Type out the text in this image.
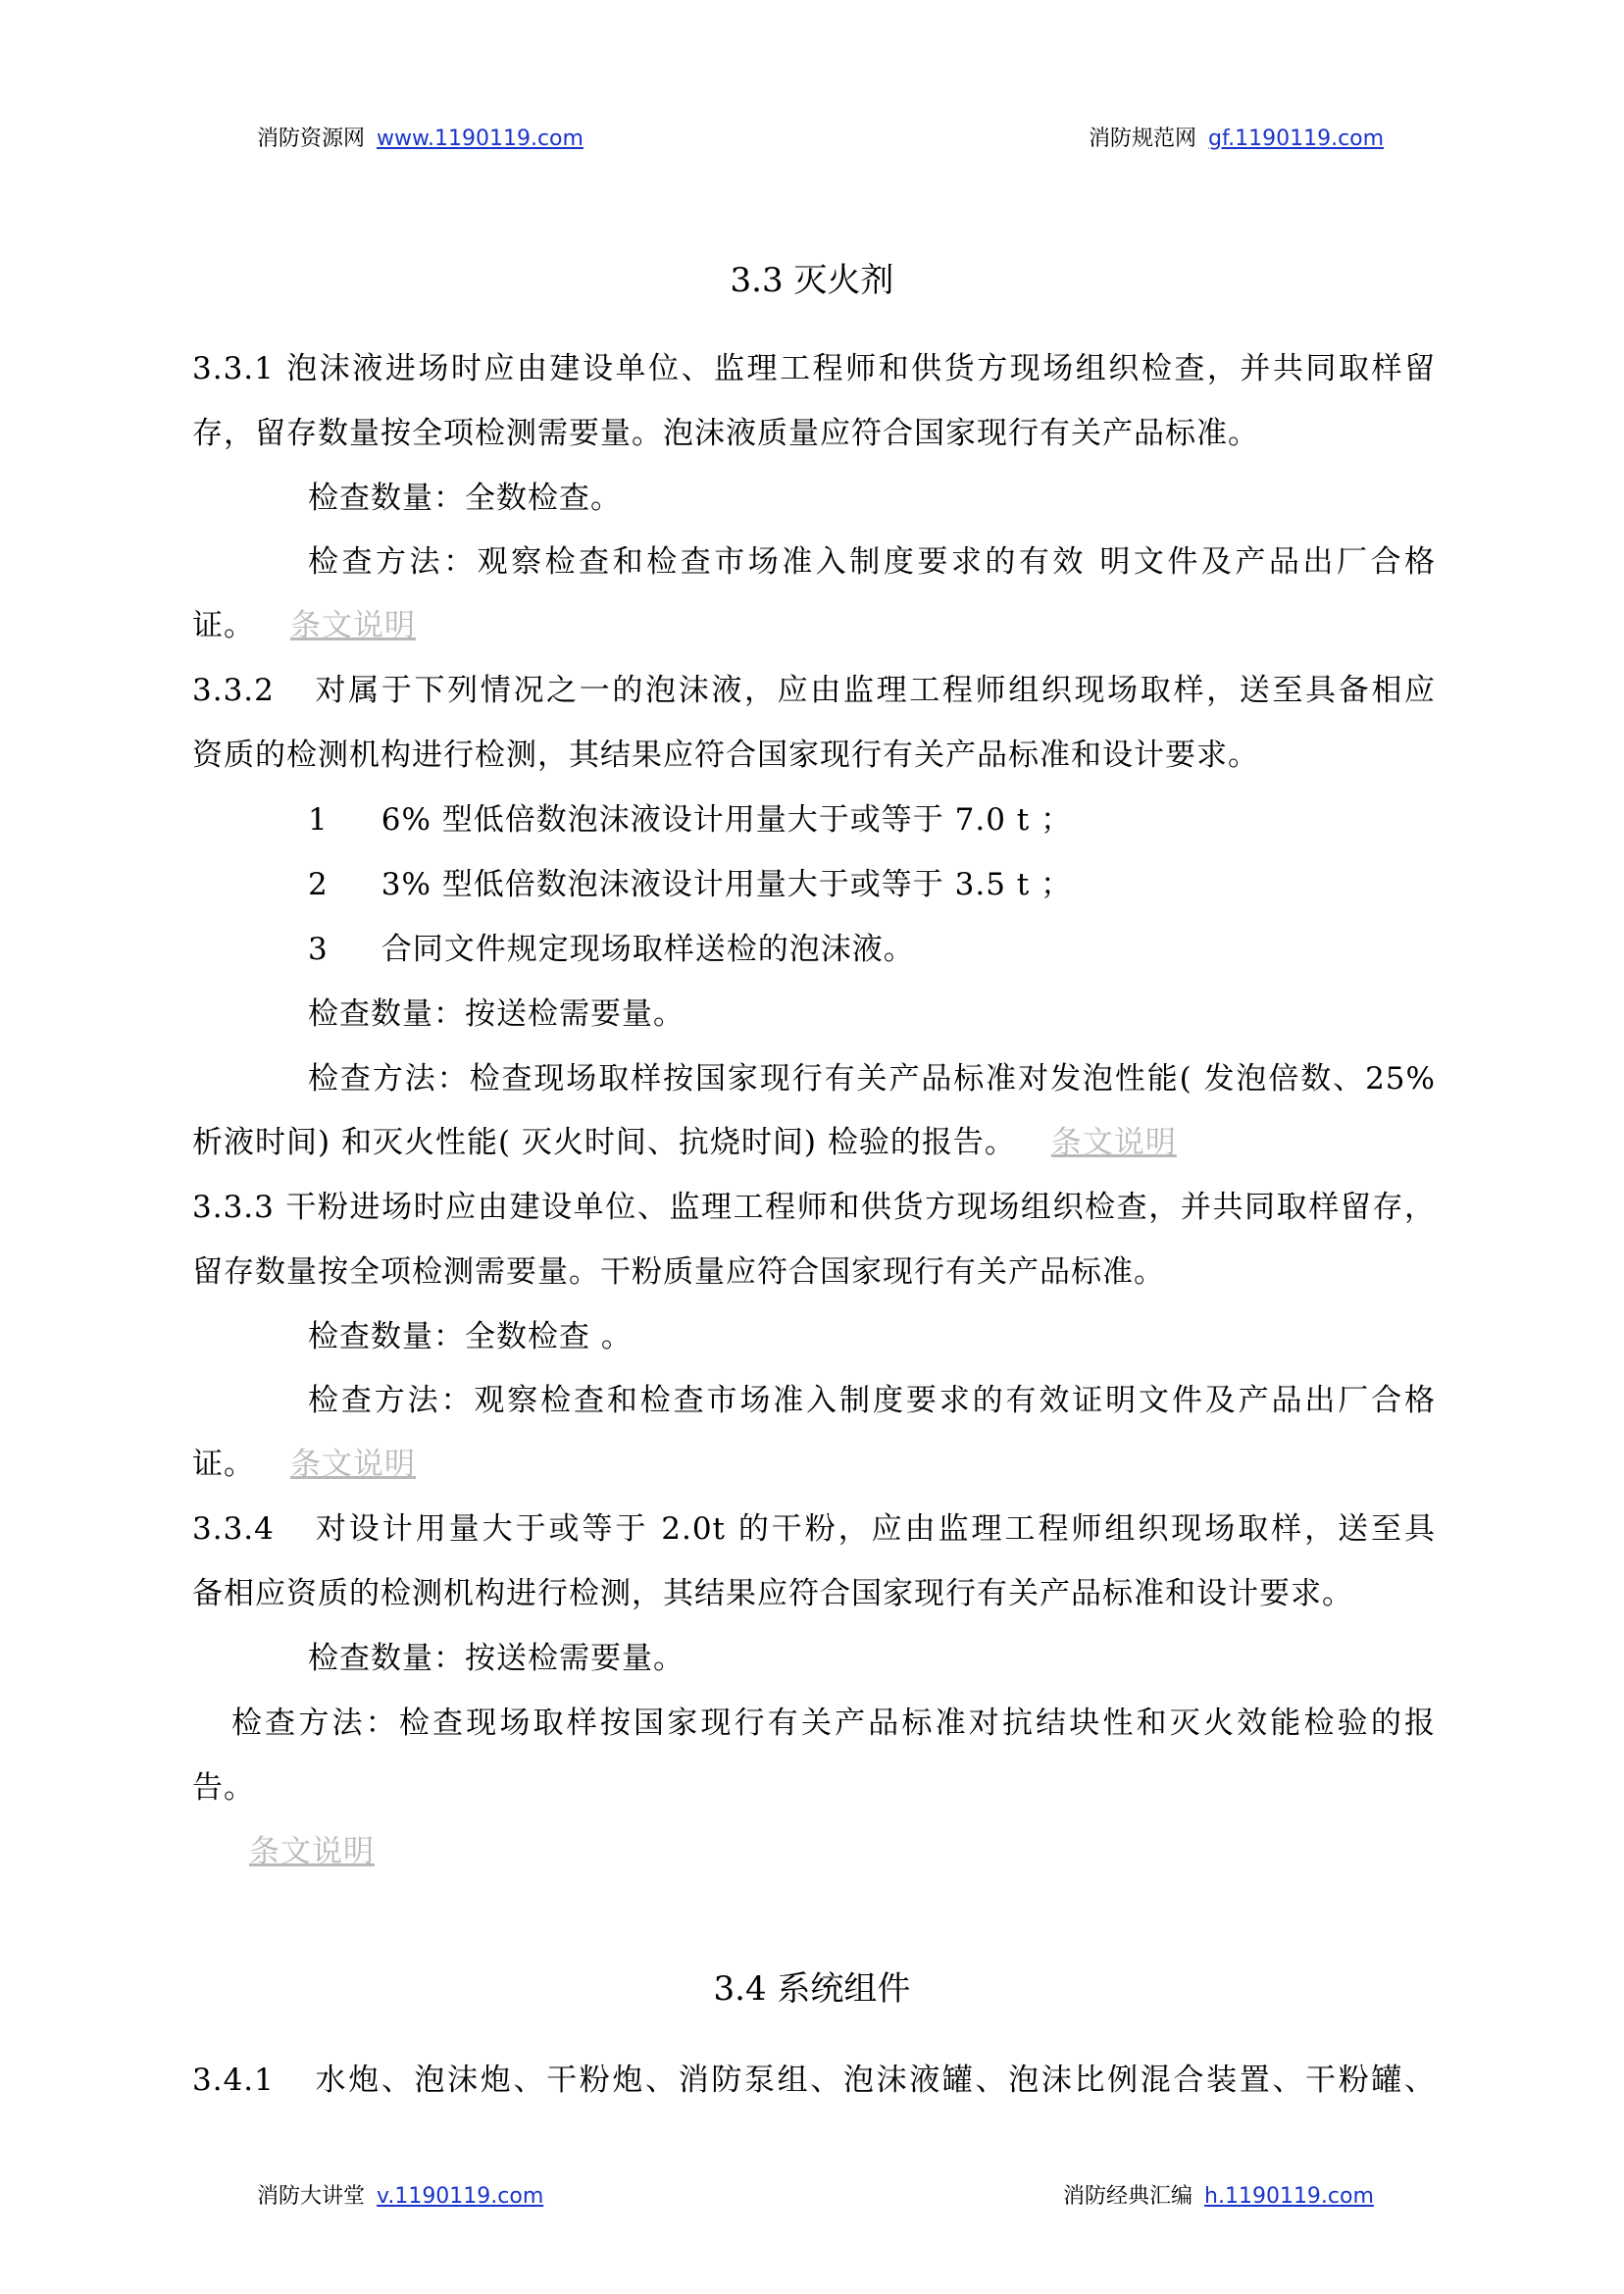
消防资源网 www.1190119.com	消防规范网 gf.1190119.com
3.3 灭火剂
3.3.1 泡沫液进场时应由建设单位、监理工程师和供货方现场组织检查，并共同取样留
存，留存数量按全项检测需要量。泡沫液质量应符合国家现行有关产品标准。
检查数量：全数检查。
检查方法：观察检查和检查市场准入制度要求的有效 明文件及产品出厂合格
证。 条文说明
3.3.2 对属于下列情况之一的泡沫液，应由监理工程师组织现场取样，送至具备相应
资质的检测机构进行检测，其结果应符合国家现行有关产品标准和设计要求。
1 6% 型低倍数泡沫液设计用量大于或等于 7.0 t ；
2 3% 型低倍数泡沫液设计用量大于或等于 3.5 t ；
3 合同文件规定现场取样送检的泡沫液。
检查数量：按送检需要量。
检查方法：检查现场取样按国家现行有关产品标准对发泡性能( 发泡倍数、25%
析液时间) 和灭火性能( 灭火时间、抗烧时间) 检验的报告。 条文说明
3.3.3 干粉进场时应由建设单位、监理工程师和供货方现场组织检查，并共同取样留存，
留存数量按全项检测需要量。干粉质量应符合国家现行有关产品标准。
检查数量：全数检查 。
检查方法：观察检查和检查市场准入制度要求的有效证明文件及产品出厂合格
证。 条文说明
3.3.4 对设计用量大于或等于 2.0t 的干粉，应由监理工程师组织现场取样，送至具
备相应资质的检测机构进行检测，其结果应符合国家现行有关产品标准和设计要求。
检查数量：按送检需要量。
检查方法：检查现场取样按国家现行有关产品标准对抗结块性和灭火效能检验的报
告。
条文说明
3.4 系统组件
3.4.1 水炮、泡沫炮、干粉炮、消防泵组、泡沫液罐、泡沫比例混合装置、干粉罐、
消防大讲堂 v.1190119.com	消防经典汇编 h.1190119.com
